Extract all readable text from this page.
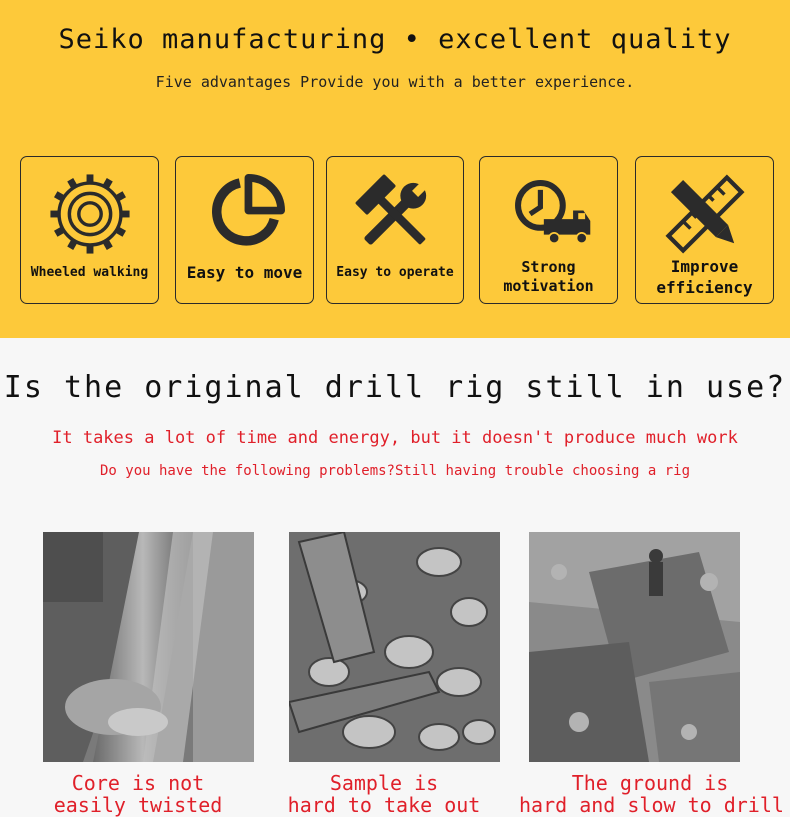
Seiko manufacturing • excellent quality
Five advantages Provide you with a better experience.
Wheeled walking	Easy to move	Easy to operate	Strong
motivation
Improve
efficiency
Is the original drill rig still in use?
It takes a lot of time and energy, but it doesn't produce much work
Do you have the following problems?Still having trouble choosing a rig
Core is not
easily twisted
Sample is
hard to take out
The ground is
hard and slow to drill
